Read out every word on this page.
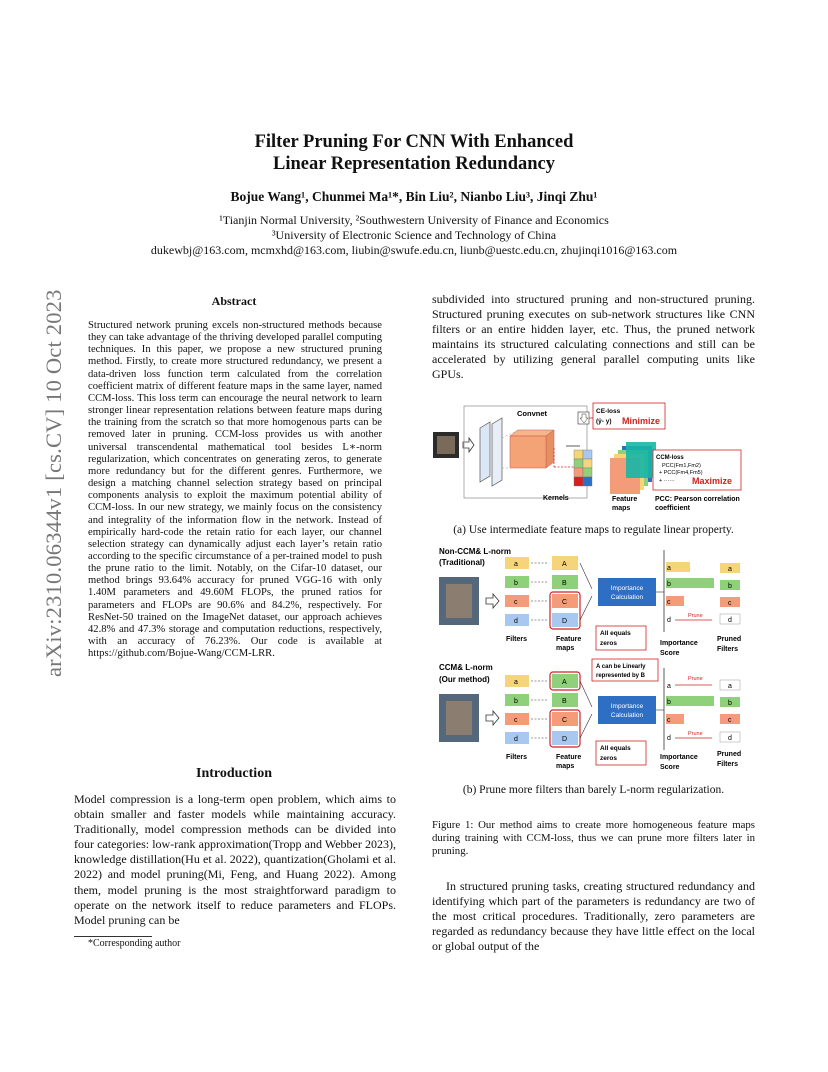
Filter Pruning For CNN With Enhanced
Linear Representation Redundancy
Bojue Wang¹, Chunmei Ma¹*, Bin Liu², Nianbo Liu³, Jinqi Zhu¹
¹Tianjin Normal University, ²Southwestern University of Finance and Economics
³University of Electronic Science and Technology of China
dukewbj@163.com, mcmxhd@163.com, liubin@swufe.edu.cn, liunb@uestc.edu.cn, zhujinqi1016@163.com
arXiv:2310.06344v1 [cs.CV] 10 Oct 2023	Abstract
Structured network pruning excels non-structured methods because they can take advantage of the thriving developed parallel computing techniques. In this paper, we propose a new structured pruning method. Firstly, to create more structured redundancy, we present a data-driven loss function term calculated from the correlation coefficient matrix of different feature maps in the same layer, named CCM-loss. This loss term can encourage the neural network to learn stronger linear representation relations between feature maps during the training from the scratch so that more homogenous parts can be removed later in pruning. CCM-loss provides us with another universal transcendental mathematical tool besides L∗-norm regularization, which concentrates on generating zeros, to generate more redundancy but for the different genres. Furthermore, we design a matching channel selection strategy based on principal components analysis to exploit the maximum potential ability of CCM-loss. In our new strategy, we mainly focus on the consistency and integrality of the information flow in the network. Instead of empirically hard-code the retain ratio for each layer, our channel selection strategy can dynamically adjust each layer’s retain ratio according to the specific circumstance of a per-trained model to push the prune ratio to the limit. Notably, on the Cifar-10 dataset, our method brings 93.64% accuracy for pruned VGG-16 with only 1.40M parameters and 49.60M FLOPs, the pruned ratios for parameters and FLOPs are 90.6% and 84.2%, respectively. For ResNet-50 trained on the ImageNet dataset, our approach achieves 42.8% and 47.3% storage and computation reductions, respectively, with an accuracy of 76.23%. Our code is available at https://github.com/Bojue-Wang/CCM-LRR.
Introduction
Model compression is a long-term open problem, which aims to obtain smaller and faster models while maintaining accuracy. Traditionally, model compression methods can be divided into four categories: low-rank approximation(Tropp and Webber 2023), knowledge distillation(Hu et al. 2022), quantization(Gholami et al. 2022) and model pruning(Mi, Feng, and Huang 2022). Among them, model pruning is the most straightforward paradigm to operate on the network itself to reduce parameters and FLOPs. Model pruning can be
*Corresponding author
subdivided into structured pruning and non-structured pruning. Structured pruning executes on sub-network structures like CNN filters or an entire hidden layer, etc. Thus, the pruned network maintains its structured calculating connections and still can be accelerated by utilizing general parallel computing units like GPUs.
Convnet
Kernels	Feature
maps
CE-loss
(ŷ- y) Minimize
CCM-loss
PCC(Fm1,Fm2)
+ PCC(Fm4,Fm5)
+ ······ Maximize
PCC: Pearson correlation
coefficient
(a) Use intermediate feature maps to regulate linear property.
Non-CCM& L-norm
(Traditional)	a
b
c
d
A
B
C
D
Importance
Calculation
a
b
c
d
Prune
a
b
c
d
Filters	Feature
maps
All equals
zeros	Importance
Score
Pruned
Filters
CCM& L-norm
(Our method)	a
b
c
d
A
B
C
D
A can be Linearly
represented by B
Importance
Calculation
a
Prune
b
c
d
Prune
a
b
c
d
Filters	Feature
maps
All equals
zeros	Importance
Score
Pruned
Filters
(b) Prune more filters than barely L-norm regularization.
Figure 1: Our method aims to create more homogeneous feature maps during training with CCM-loss, thus we can prune more filters later in pruning.
In structured pruning tasks, creating structured redundancy and identifying which part of the parameters is redundancy are two of the most critical procedures. Traditionally, zero parameters are regarded as redundancy because they have little effect on the local or global output of the
